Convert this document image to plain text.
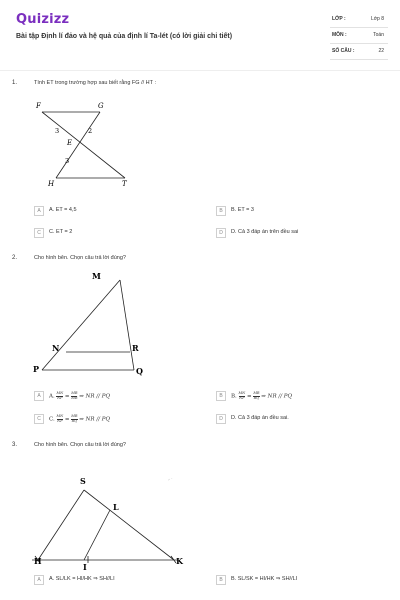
Quizizz
Bài tập Định lí đảo và hệ quả của định lí Ta-lét (có lời giải chi tiết)
LỚP :	Lớp 8
MÔN :	Toán
SỐ CÂU :	22
1.	Tính ET trong trường hợp sau biết rằng FG // HT :
F	G
E
H	T
3	2
3
A	A. ET = 4,5	B	B. ET = 3
C	C. ET = 2	D	D. Cả 3 đáp án trên đều sai
2.	Cho hình bên. Chọn câu trả lời đúng?
M
N	R
P	Q
A	A. $\frac{MN}{NP} = \frac{MR}{MR}$ ⇒ NR // PQ	B	B. $\frac{MN}{NP} = \frac{MR}{RQ}$ ⇒ NR // PQ
C	C. $\frac{MN}{NP} = \frac{MR}{RQ}$ ⇒ NR // PQ	D	D. Cả 3 đáp án đều sai.
3.	Cho hình bên. Chọn câu trả lời đúng?
⸝ ·
S
L
H
I
K
A	A. SL/LK = HI/HK ⇒ SH//LI	B	B. SL/SK = HI/HK ⇒ SH//LI
